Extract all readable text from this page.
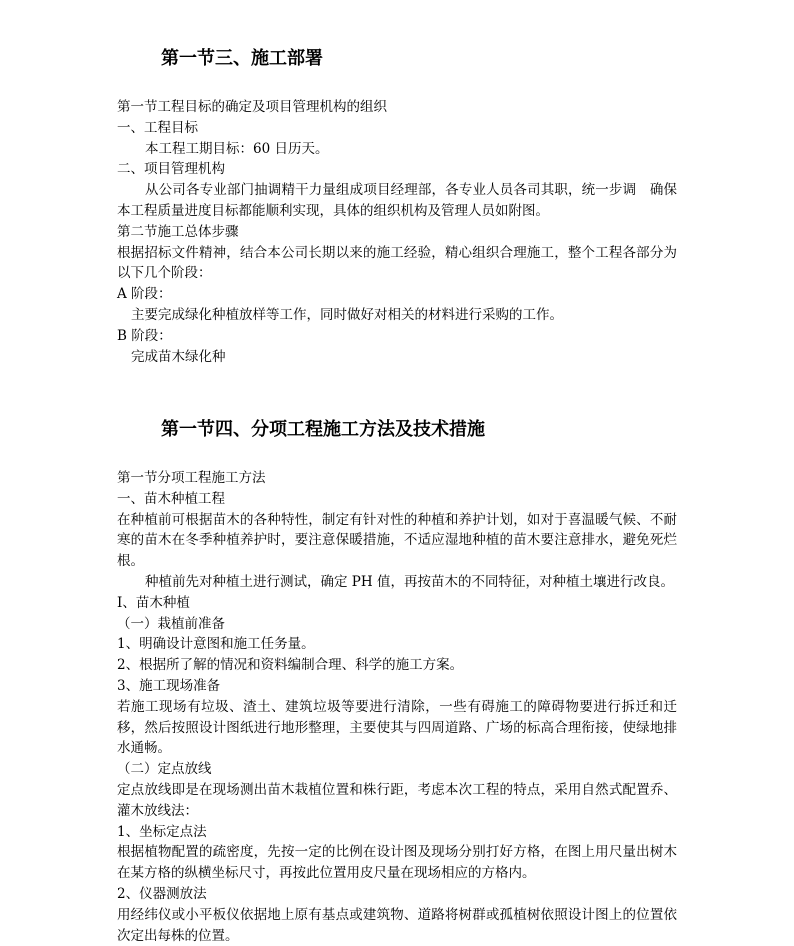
第一节三、施工部署

第一节工程目标的确定及项目管理机构的组织

一、工程目标

本工程工期目标：60 日历天。

二、项目管理机构

从公司各专业部门抽调精干力量组成项目经理部，各专业人员各司其职，统一步调　确保本工程质量进度目标都能顺利实现，具体的组织机构及管理人员如附图。

第二节施工总体步骤

根据招标文件精神，结合本公司长期以来的施工经验，精心组织合理施工，整个工程各部分为以下几个阶段：

A 阶段：

主要完成绿化种植放样等工作，同时做好对相关的材料进行采购的工作。

B 阶段：

完成苗木绿化种

第一节四、分项工程施工方法及技术措施

第一节分项工程施工方法

一、苗木种植工程

在种植前可根据苗木的各种特性，制定有针对性的种植和养护计划，如对于喜温暖气候、不耐寒的苗木在冬季种植养护时，要注意保暖措施，不适应湿地种植的苗木要注意排水，避免死烂根。

种植前先对种植土进行测试，确定 PH 值，再按苗木的不同特征，对种植土壤进行改良。

Ⅰ、苗木种植

（一）栽植前准备

1、明确设计意图和施工任务量。

2、根据所了解的情况和资料编制合理、科学的施工方案。

3、施工现场准备

若施工现场有垃圾、渣土、建筑垃圾等要进行清除，一些有碍施工的障碍物要进行拆迁和迁移，然后按照设计图纸进行地形整理，主要使其与四周道路、广场的标高合理衔接，使绿地排水通畅。

（二）定点放线

定点放线即是在现场测出苗木栽植位置和株行距，考虑本次工程的特点，采用自然式配置乔、灌木放线法：

1、坐标定点法

根据植物配置的疏密度，先按一定的比例在设计图及现场分别打好方格，在图上用尺量出树木在某方格的纵横坐标尺寸，再按此位置用皮尺量在现场相应的方格内。

2、仪器测放法

用经纬仪或小平板仪依据地上原有基点或建筑物、道路将树群或孤植树依照设计图上的位置依次定出每株的位置。
